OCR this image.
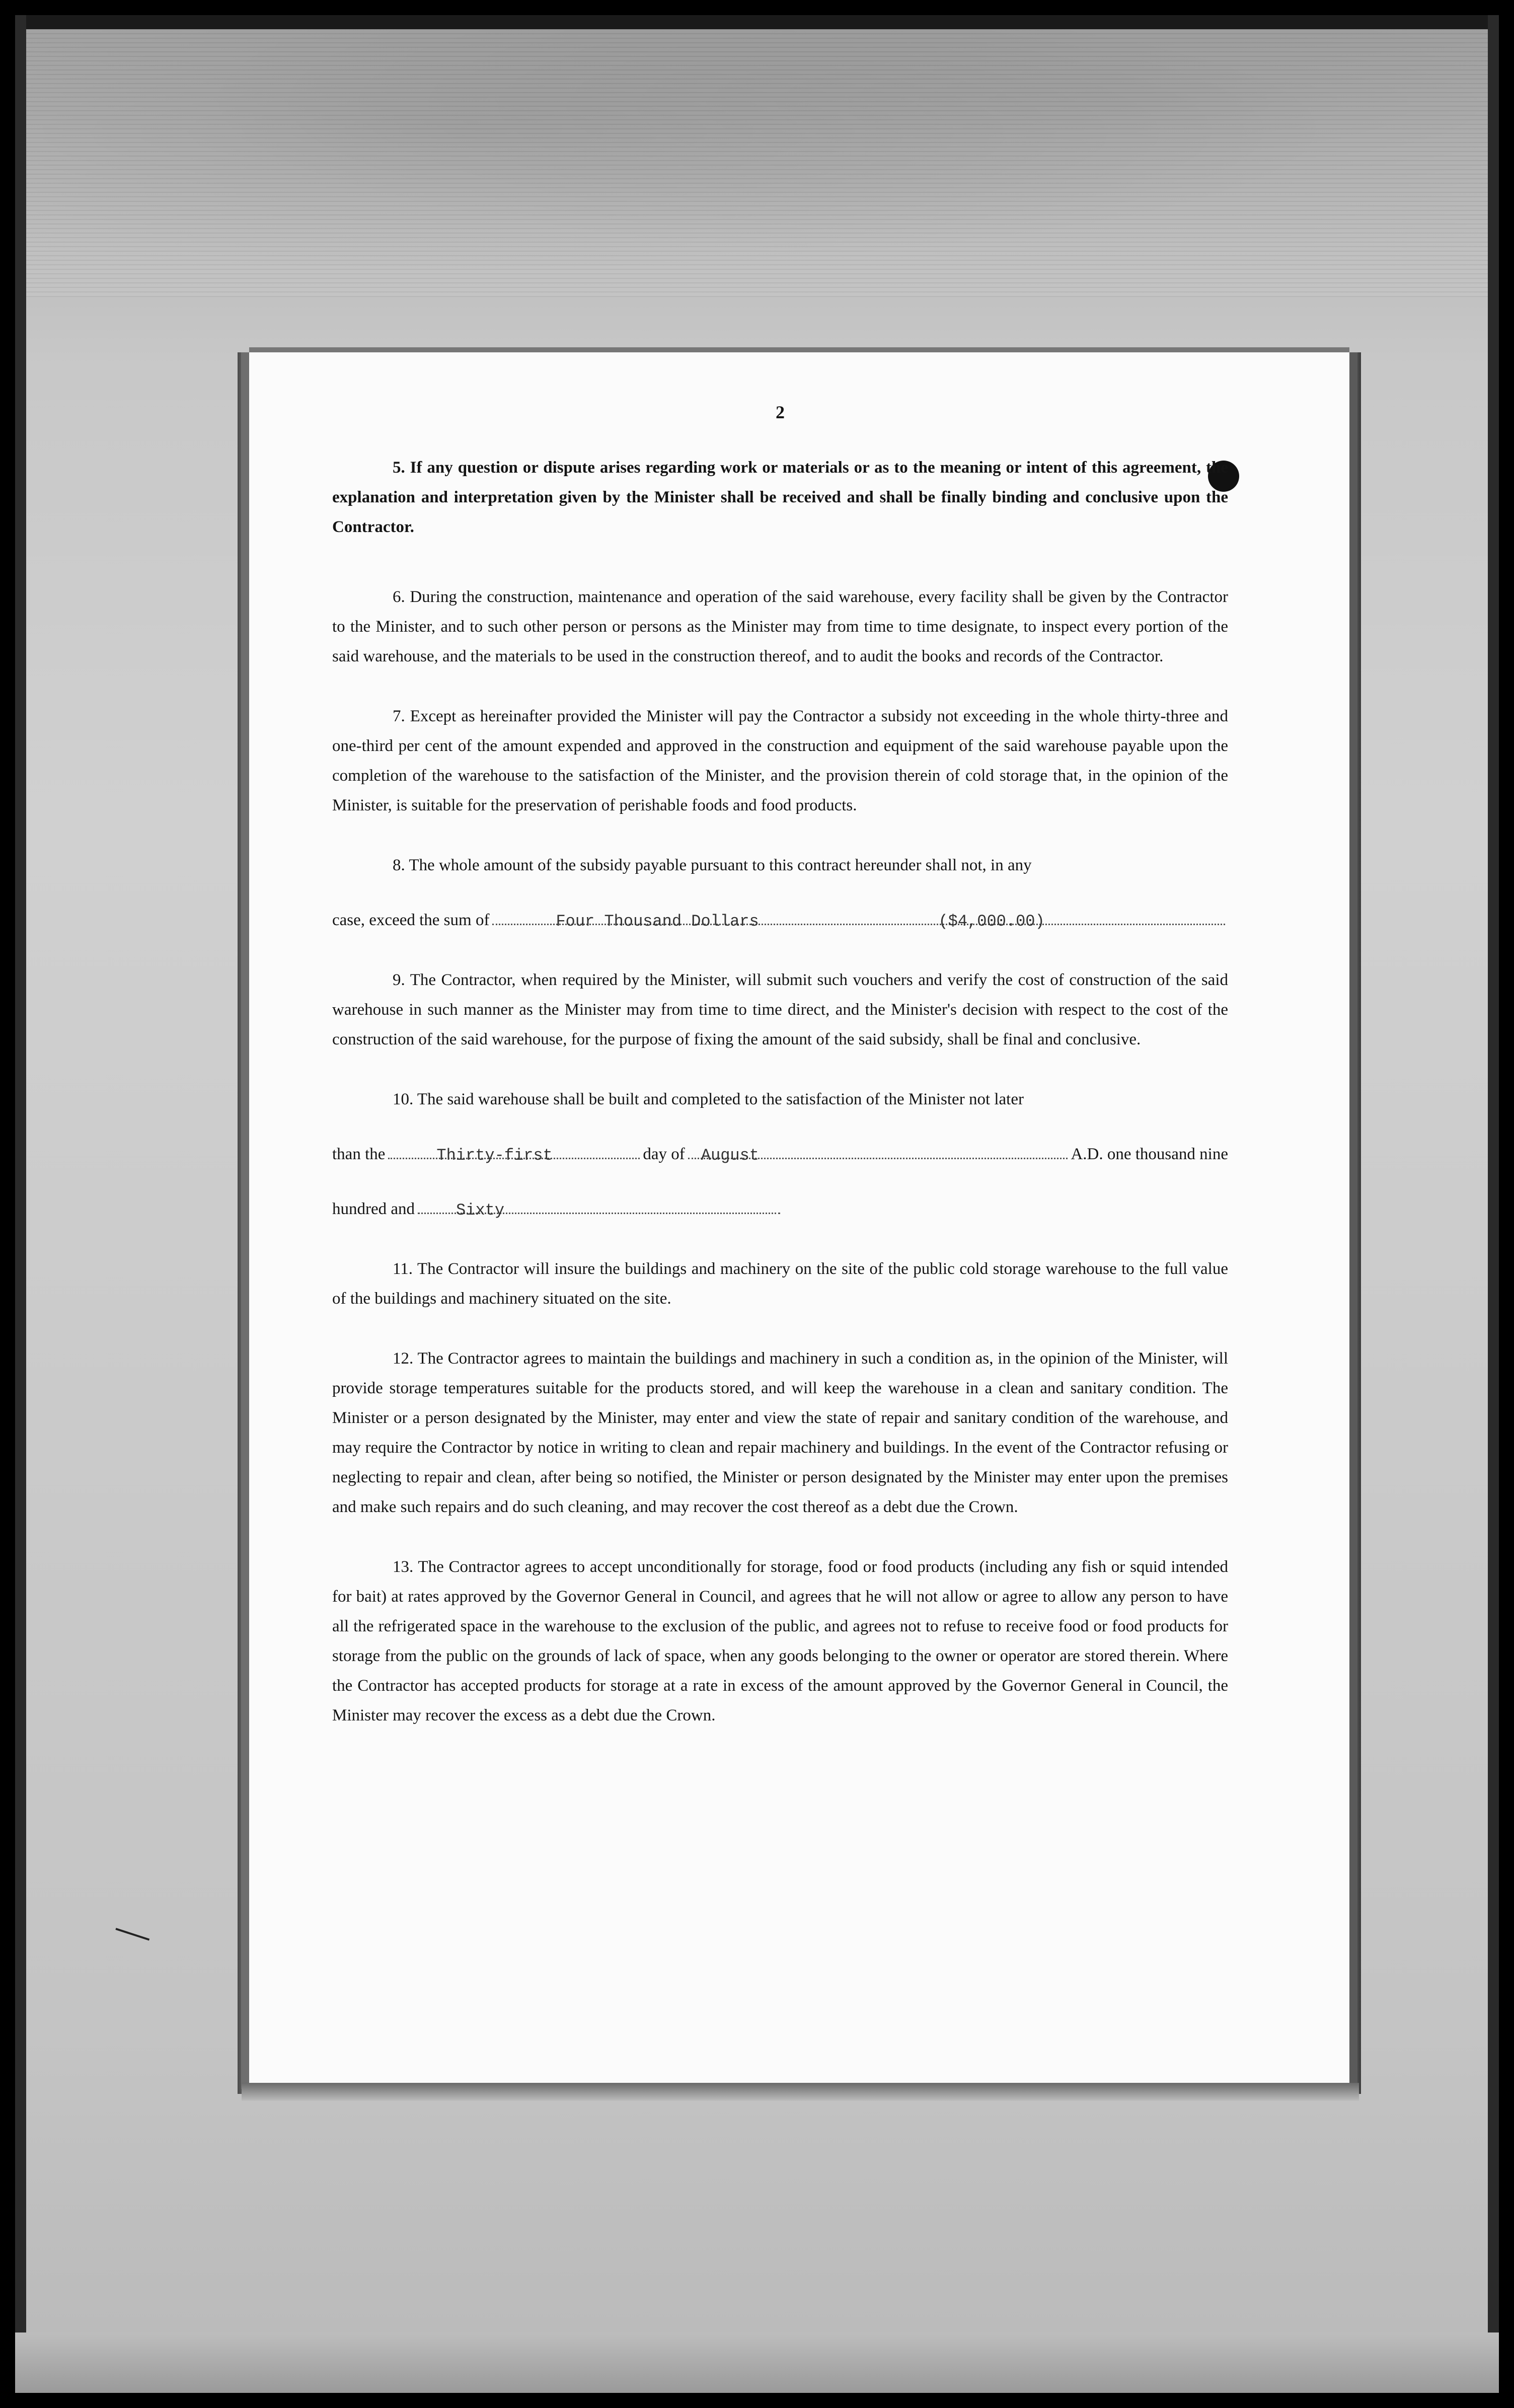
2

5. If any question or dispute arises regarding work or materials or as to the meaning or intent of this agreement, the explanation and interpretation given by the Minister shall be received and shall be finally binding and conclusive upon the Contractor.

6. During the construction, maintenance and operation of the said warehouse, every facility shall be given by the Contractor to the Minister, and to such other person or persons as the Minister may from time to time designate, to inspect every portion of the said warehouse, and the materials to be used in the construction thereof, and to audit the books and records of the Contractor.

7. Except as hereinafter provided the Minister will pay the Contractor a subsidy not exceeding in the whole thirty-three and one-third per cent of the amount expended and approved in the construction and equipment of the said warehouse payable upon the completion of the warehouse to the satisfaction of the Minister, and the provision therein of cold storage that, in the opinion of the Minister, is suitable for the preservation of perishable foods and food products.

8. The whole amount of the subsidy payable pursuant to this contract hereunder shall not, in any

case, exceed the sum of	Four Thousand Dollars	($4,000.00)

9. The Contractor, when required by the Minister, will submit such vouchers and verify the cost of construction of the said warehouse in such manner as the Minister may from time to time direct, and the Minister's decision with respect to the cost of the construction of the said warehouse, for the purpose of fixing the amount of the said subsidy, shall be final and conclusive.

10. The said warehouse shall be built and completed to the satisfaction of the Minister not later

than the	Thirty-first	day of August	A.D. one thousand nine
hundred and	Sixty

11. The Contractor will insure the buildings and machinery on the site of the public cold storage warehouse to the full value of the buildings and machinery situated on the site.

12. The Contractor agrees to maintain the buildings and machinery in such a condition as, in the opinion of the Minister, will provide storage temperatures suitable for the products stored, and will keep the warehouse in a clean and sanitary condition. The Minister or a person designated by the Minister, may enter and view the state of repair and sanitary condition of the warehouse, and may require the Contractor by notice in writing to clean and repair machinery and buildings. In the event of the Contractor refusing or neglecting to repair and clean, after being so notified, the Minister or person designated by the Minister may enter upon the premises and make such repairs and do such cleaning, and may recover the cost thereof as a debt due the Crown.

13. The Contractor agrees to accept unconditionally for storage, food or food products (including any fish or squid intended for bait) at rates approved by the Governor General in Council, and agrees that he will not allow or agree to allow any person to have all the refrigerated space in the warehouse to the exclusion of the public, and agrees not to refuse to receive food or food products for storage from the public on the grounds of lack of space, when any goods belonging to the owner or operator are stored therein. Where the Contractor has accepted products for storage at a rate in excess of the amount approved by the Governor General in Council, the Minister may recover the excess as a debt due the Crown.
